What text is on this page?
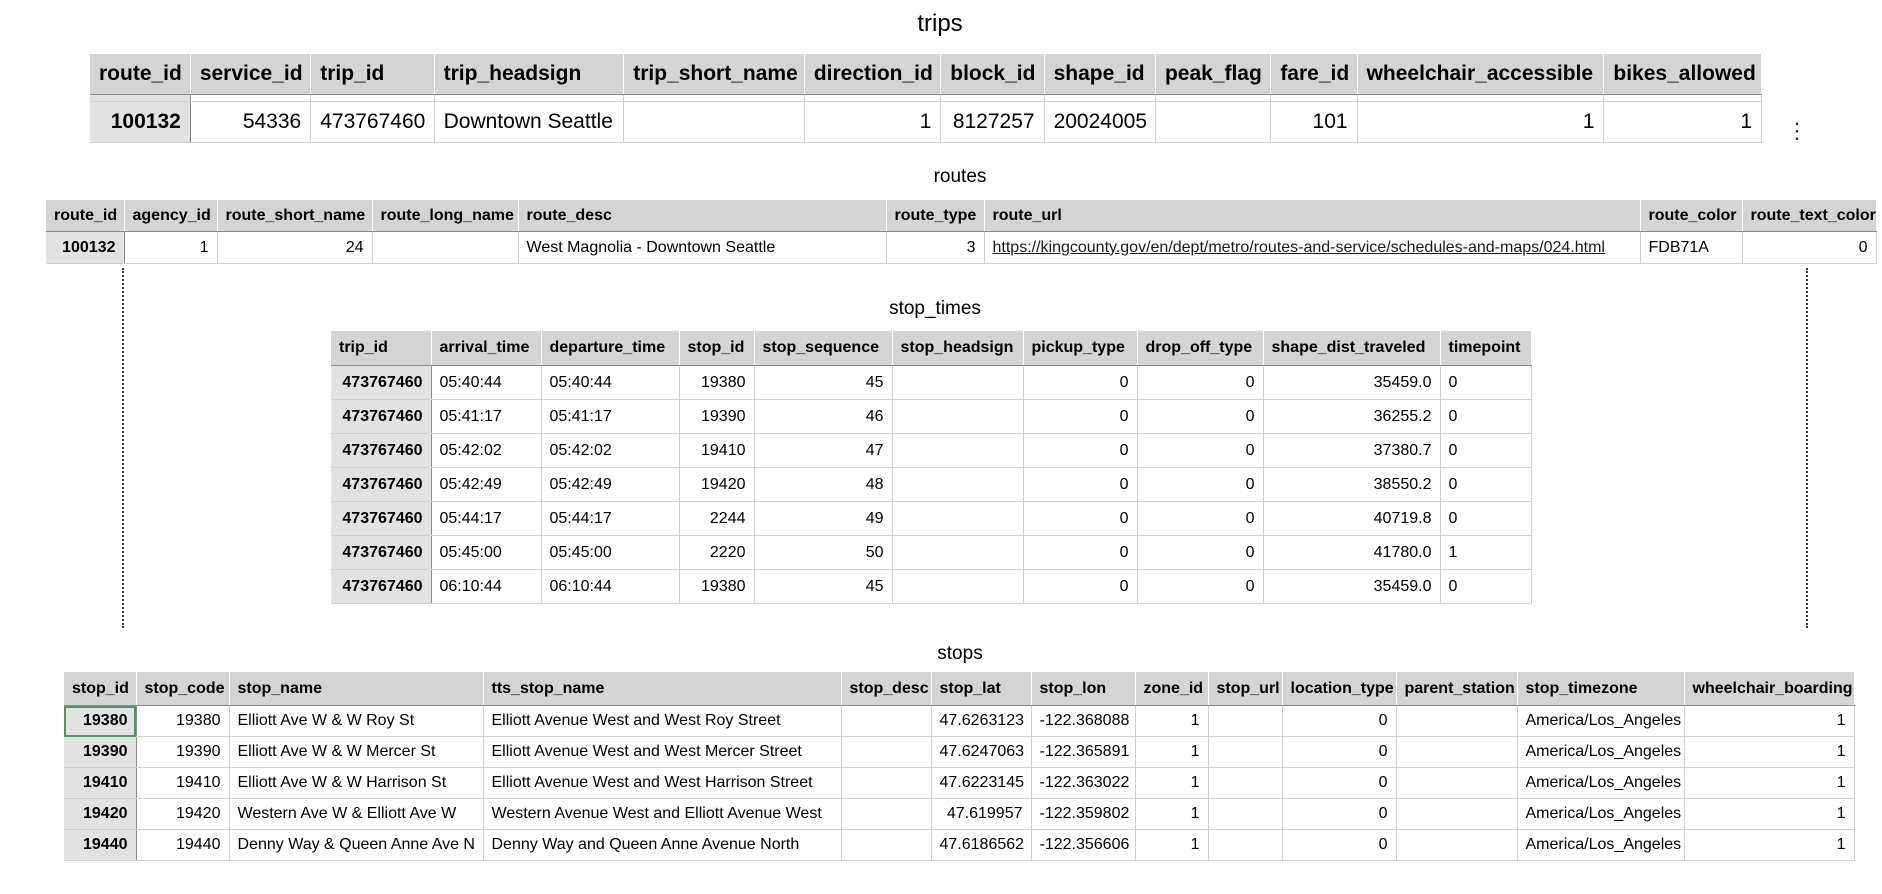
trips
route_id	service_id	trip_id	trip_headsign	trip_short_name	direction_id	block_id	shape_id	peak_flag	fare_id	wheelchair_accessible	bikes_allowed

100132	54336	473767460	Downtown Seattle		1	8127257	20024005		101	1	1 ⋮
routes
route_id	agency_id	route_short_name	route_long_name	route_desc	route_type	route_url	route_color	route_text_color
100132	1	24		West Magnolia - Downtown Seattle	3	https://kingcounty.gov/en/dept/metro/routes-and-service/schedules-and-maps/024.html	FDB71A	0
stop_times
trip_id	arrival_time	departure_time	stop_id	stop_sequence	stop_headsign	pickup_type	drop_off_type	shape_dist_traveled	timepoint
473767460	05:40:44	05:40:44	19380	45		0	0	35459.0	0
473767460	05:41:17	05:41:17	19390	46		0	0	36255.2	0
473767460	05:42:02	05:42:02	19410	47		0	0	37380.7	0
473767460	05:42:49	05:42:49	19420	48		0	0	38550.2	0
473767460	05:44:17	05:44:17	2244	49		0	0	40719.8	0
473767460	05:45:00	05:45:00	2220	50		0	0	41780.0	1
473767460	06:10:44	06:10:44	19380	45		0	0	35459.0	0
stops
stop_id	stop_code	stop_name	tts_stop_name	stop_desc	stop_lat	stop_lon	zone_id	stop_url	location_type	parent_station	stop_timezone	wheelchair_boarding
19380	19380	Elliott Ave W & W Roy St	Elliott Avenue West and West Roy Street		47.6263123	-122.368088	1		0		America/Los_Angeles	1
19390	19390	Elliott Ave W & W Mercer St	Elliott Avenue West and West Mercer Street		47.6247063	-122.365891	1		0		America/Los_Angeles	1
19410	19410	Elliott Ave W & W Harrison St	Elliott Avenue West and West Harrison Street		47.6223145	-122.363022	1		0		America/Los_Angeles	1
19420	19420	Western Ave W & Elliott Ave W	Western Avenue West and Elliott Avenue West		47.619957	-122.359802	1		0		America/Los_Angeles	1
19440	19440	Denny Way & Queen Anne Ave N	Denny Way and Queen Anne Avenue North		47.6186562	-122.356606	1		0		America/Los_Angeles	1
